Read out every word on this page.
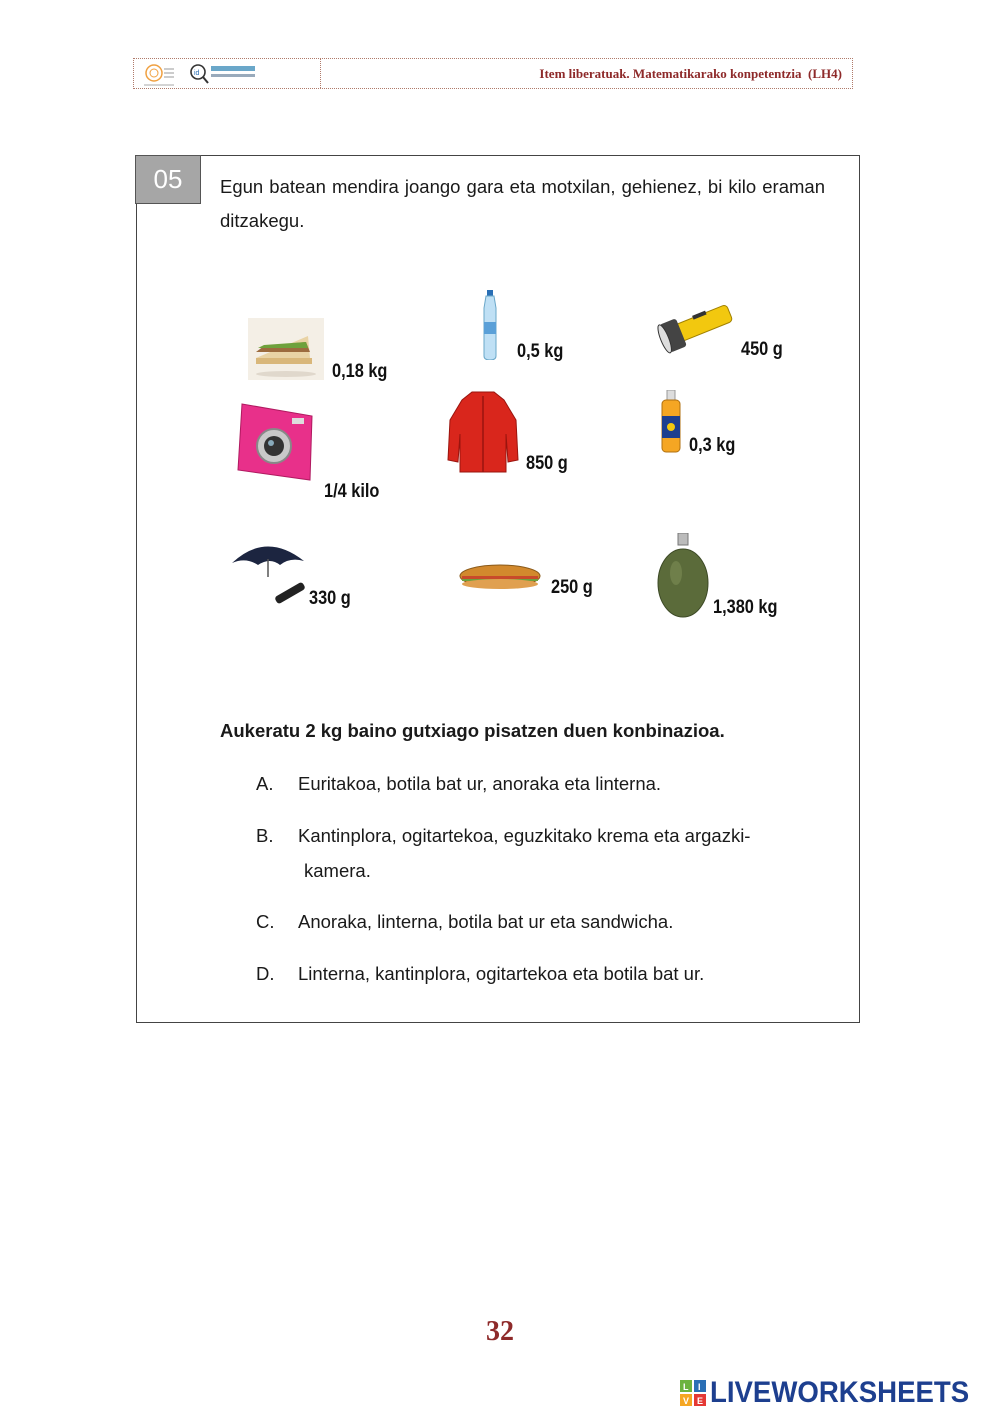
id	Item liberatuak. Matematikarako konpetentzia  (LH4)
05	Egun batean mendira joango gara eta motxilan, gehienez, bi kilo eraman ditzakegu.
0,18 kg
0,5 kg	450 g
1/4 kilo
850 g
0,3 kg
330 g
250 g
1,380 kg
Aukeratu 2 kg baino gutxiago pisatzen duen konbinazioa.
A. Euritakoa, botila bat ur, anoraka eta linterna.
B. Kantinplora, ogitartekoa, eguzkitako krema eta argazki-
kamera.
C. Anoraka, linterna, botila bat ur eta sandwicha.
D. Linterna, kantinplora, ogitartekoa eta botila bat ur.
32
L I
V E LIVEWORKSHEETS
